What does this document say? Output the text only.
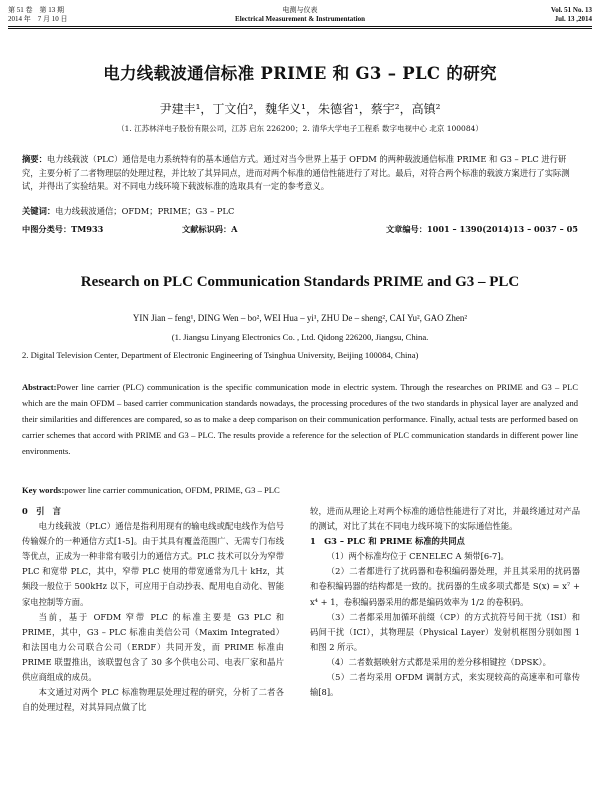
第 51 卷　第 13 期
2014 年　7 月 10 日
电测与仪表
Electrical Measurement & Instrumentation
Vol. 51 No. 13
Jul. 13 ,2014
电力线载波通信标准 PRIME 和 G3 – PLC 的研究
尹建丰¹，丁文伯²，魏华义¹，朱德省¹，蔡宇²，高镇²
（1. 江苏林洋电子股份有限公司，江苏 启东 226200；2. 清华大学电子工程系 数字电视中心 北京 100084）
摘要：电力线载波（PLC）通信是电力系统特有的基本通信方式。通过对当今世界上基于 OFDM 的两种载波通信标准 PRIME 和 G3 – PLC 进行研究，主要分析了二者物理层的处理过程，并比较了其异同点，进而对两个标准的通信性能进行了对比。最后，对符合两个标准的载波方案进行了实际测试，并得出了实验结果。对不同电力线环境下载波标准的选取具有一定的参考意义。
关键词：电力线载波通信；OFDM；PRIME；G3 – PLC
中图分类号：TM933	文献标识码：A	文章编号：1001 – 1390(2014)13 – 0037 – 05
Research on PLC Communication Standards PRIME and G3 – PLC
YIN Jian – feng¹, DING Wen – bo², WEI Hua – yi¹, ZHU De – sheng², CAI Yu², GAO Zhen²
(1. Jiangsu Linyang Electronics Co. , Ltd. Qidong 226200, Jiangsu, China.
2. Digital Television Center, Department of Electronic Engineering of Tsinghua University, Beijing 100084, China)
Abstract:Power line carrier (PLC) communication is the specific communication mode in electric system. Through the researches on PRIME and G3 – PLC which are the main OFDM – based carrier communication standards nowadays, the processing procedures of the two standards in physical layer are analyzed and their similarities and differences are compared, so as to make a deep comparison on their communication performance. Finally, actual tests are performed based on carrier schemes that accord with PRIME and G3 – PLC. The results provide a reference for the selection of PLC communication standards in different power line environments.
Key words:power line carrier communication, OFDM, PRIME, G3 – PLC

0　引　言

电力线载波（PLC）通信是指利用现有的输电线或配电线作为信号传输媒介的一种通信方式[1-5]。由于其具有覆盖范围广、无需专门布线等优点，正成为一种非常有吸引力的通信方式。PLC 技术可以分为窄带 PLC 和宽带 PLC，其中，窄带 PLC 使用的带宽通常为几十 kHz，其频段一般位于 500kHz 以下，可应用于自动抄表、配用电自动化、智能家电控制等方面。

当前，基于 OFDM 窄带 PLC 的标准主要是 G3 PLC 和 PRIME，其中，G3 – PLC 标准由美信公司（Maxim Integrated）和法国电力公司联合公司（ERDF）共同开发，而 PRIME 标准由 PRIME 联盟推出，该联盟包含了 30 多个供电公司、电表厂家和晶片供应商组成的成员。

本文通过对两个 PLC 标准物理层处理过程的研究，分析了二者各自的处理过程，对其异同点做了比

较，进而从理论上对两个标准的通信性能进行了对比，并最终通过对产品的测试，对比了其在不同电力线环境下的实际通信性能。

1　G3 – PLC 和 PRIME 标准的共同点

（1）两个标准均位于 CENELEC A 频带[6-7]。

（2）二者都进行了扰码器和卷积编码器处理，并且其采用的扰码器和卷积编码器的结构都是一致的。扰码器的生成多项式都是 S(x) = x⁷ + x⁴ + 1，卷积编码器采用的都是编码效率为 1/2 的卷积码。

（3）二者都采用加循环前缀（CP）的方式抗符号间干扰（ISI）和码间干扰（ICI），其物理层（Physical Layer）发射机框图分别如图 1 和图 2 所示。

（4）二者数据映射方式都是采用的差分移相键控（DPSK）。

（5）二者均采用 OFDM 调制方式，来实现较高的高速率和可靠传输[8]。
